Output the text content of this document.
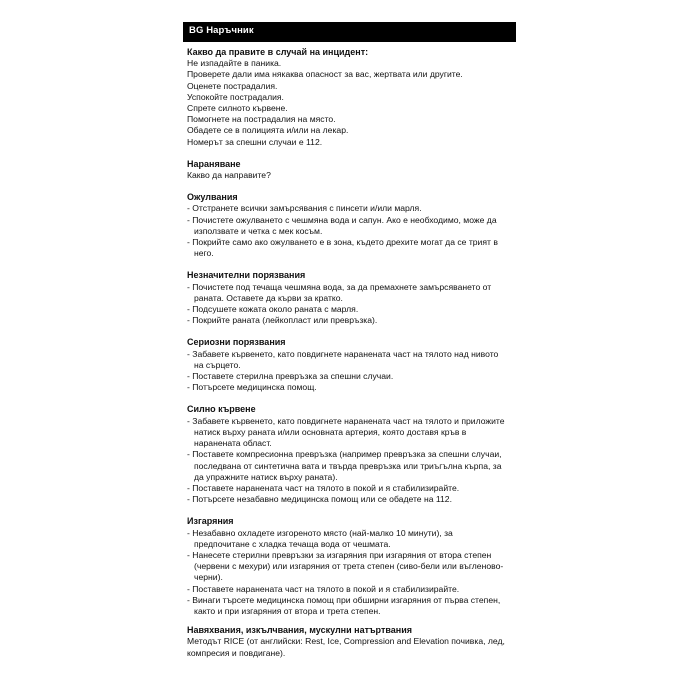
BG Наръчник
Какво да правите в случай на инцидент:
Не изпадайте в паника.
Проверете дали има някаква опасност за вас, жертвата или другите.
Оценете пострадалия.
Успокойте пострадалия.
Спрете силното кървене.
Помогнете на пострадалия на място.
Обадете се в полицията и/или на лекар.
Номерът за спешни случаи е 112.
Нараняване
Какво да направите?
Ожулвания
- Отстранете всички замърсявания с пинсети и/или марля.
- Почистете ожулването с чешмяна вода и сапун. Ако е необходимо, може да използвате и четка с мек косъм.
- Покрийте само ако ожулването е в зона, където дрехите могат да се трият в него.
Незначителни порязвания
- Почистете под течаща чешмяна вода, за да премахнете замърсяването от раната. Оставете да кърви за кратко.
- Подсушете кожата около раната с марля.
- Покрийте раната (лейкопласт или превръзка).
Сериозни порязвания
- Забавете кървенето, като повдигнете наранената част на тялото над нивото на сърцето.
- Поставете стерилна превръзка за спешни случаи.
- Потърсете медицинска помощ.
Силно кървене
- Забавете кървенето, като повдигнете наранената част на тялото и приложите натиск върху раната и/или основната артерия, която доставя кръв в наранената област.
- Поставете компресионна превръзка (например превръзка за спешни случаи, последвана от синтетична вата и твърда превръзка или триъгълна кърпа, за да упражните натиск върху раната).
- Поставете наранената част на тялото в покой и я стабилизирайте.
- Потърсете незабавно медицинска помощ или се обадете на 112.
Изгаряния
- Незабавно охладете изгореното място (най-малко 10 минути), за предпочитане с хладка течаща вода от чешмата.
- Нанесете стерилни превръзки за изгаряния при изгаряния от втора степен (червени с мехури) или изгаряния от трета степен (сиво-бели или въгленово-черни).
- Поставете наранената част на тялото в покой и я стабилизирайте.
- Винаги търсете медицинска помощ при обширни изгаряния от първа степен, както и при изгаряния от втора и трета степен.
Навяхвания, изкълчвания, мускулни натъртвания
Методът RICE (от английски: Rest, Ice, Compression and Elevation почивка, лед, компресия и повдигане).
